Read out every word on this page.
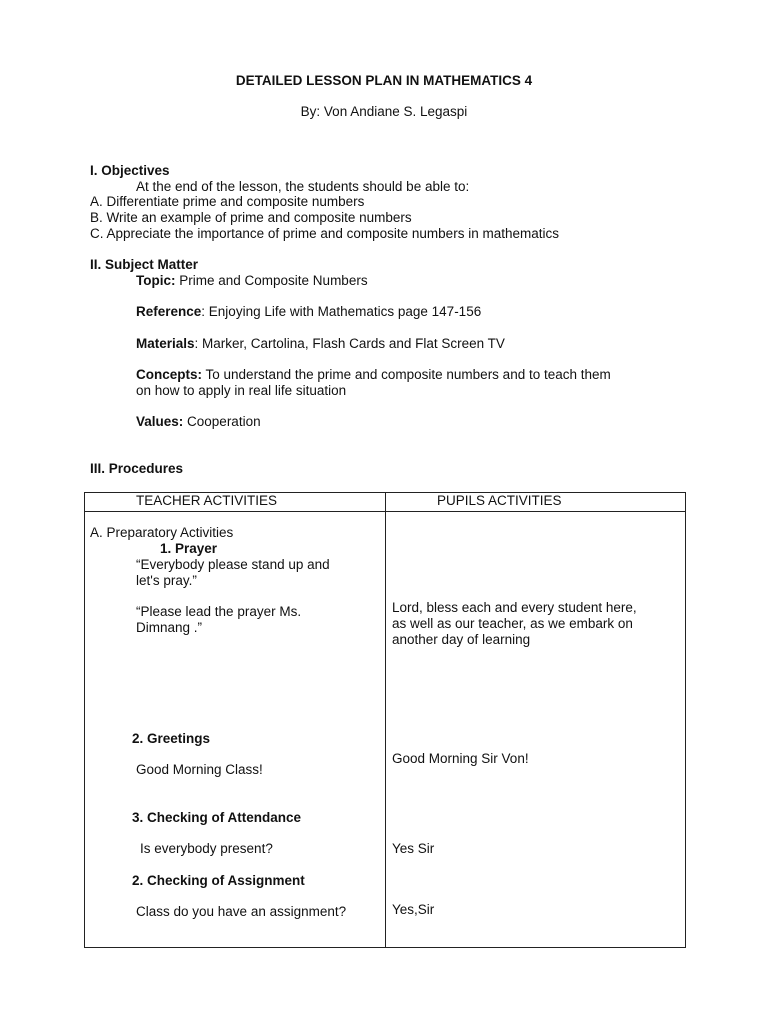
DETAILED LESSON PLAN IN MATHEMATICS 4
By: Von Andiane S. Legaspi
I. Objectives
At the end of the lesson, the students should be able to:
A. Differentiate prime and composite numbers
B. Write an example of prime and composite numbers
C. Appreciate the importance of prime and composite numbers in mathematics
II. Subject Matter
Topic: Prime and Composite Numbers
Reference: Enjoying Life with Mathematics page 147-156
Materials: Marker, Cartolina, Flash Cards and Flat Screen TV
Concepts: To understand the prime and composite numbers and to teach them
on how to apply in real life situation
Values: Cooperation
III. Procedures
TEACHER ACTIVITIES	PUPILS ACTIVITIES
A. Preparatory Activities
1. Prayer
“Everybody please stand up and
let's pray.”
“Please lead the prayer Ms.
Dimnang .”
2. Greetings
Good Morning Class!
3. Checking of Attendance
Is everybody present?
2. Checking of Assignment
Class do you have an assignment?
Lord, bless each and every student here,
as well as our teacher, as we embark on
another day of learning
Good Morning Sir Von!
Yes Sir
Yes,Sir
